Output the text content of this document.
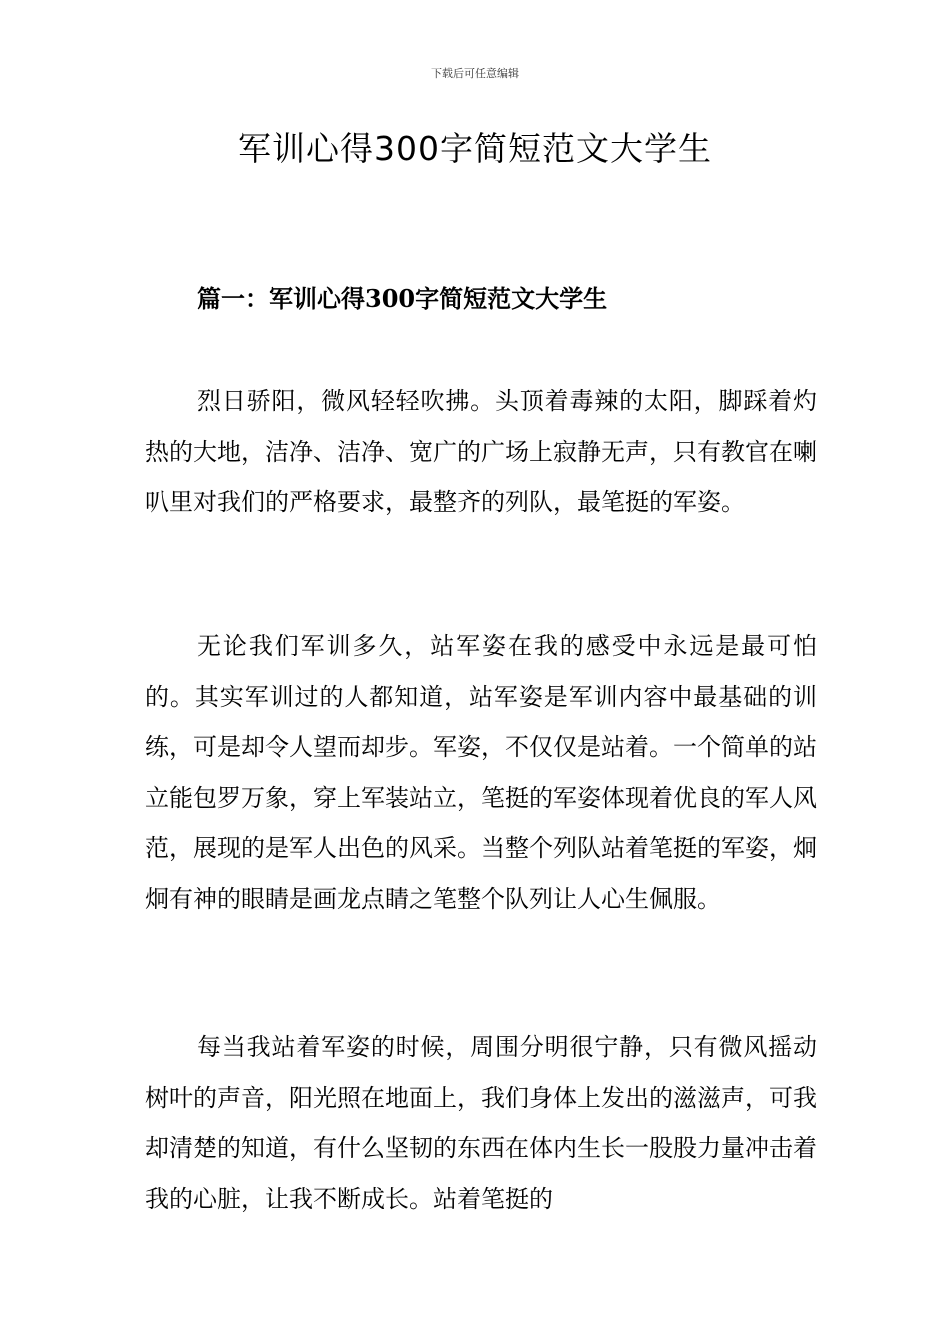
下载后可任意编辑
军训心得300字简短范文大学生
篇一：军训心得300字简短范文大学生

烈日骄阳，微风轻轻吹拂。头顶着毒辣的太阳，脚踩着灼热的大地，洁净、洁净、宽广的广场上寂静无声，只有教官在喇叭里对我们的严格要求，最整齐的列队，最笔挺的军姿。

无论我们军训多久，站军姿在我的感受中永远是最可怕的。其实军训过的人都知道，站军姿是军训内容中最基础的训练，可是却令人望而却步。军姿，不仅仅是站着。一个简单的站立能包罗万象，穿上军装站立，笔挺的军姿体现着优良的军人风范，展现的是军人出色的风采。当整个列队站着笔挺的军姿，炯炯有神的眼睛是画龙点睛之笔整个队列让人心生佩服。

每当我站着军姿的时候，周围分明很宁静，只有微风摇动树叶的声音，阳光照在地面上，我们身体上发出的滋滋声，可我却清楚的知道，有什么坚韧的东西在体内生长一股股力量冲击着我的心脏，让我不断成长。站着笔挺的
